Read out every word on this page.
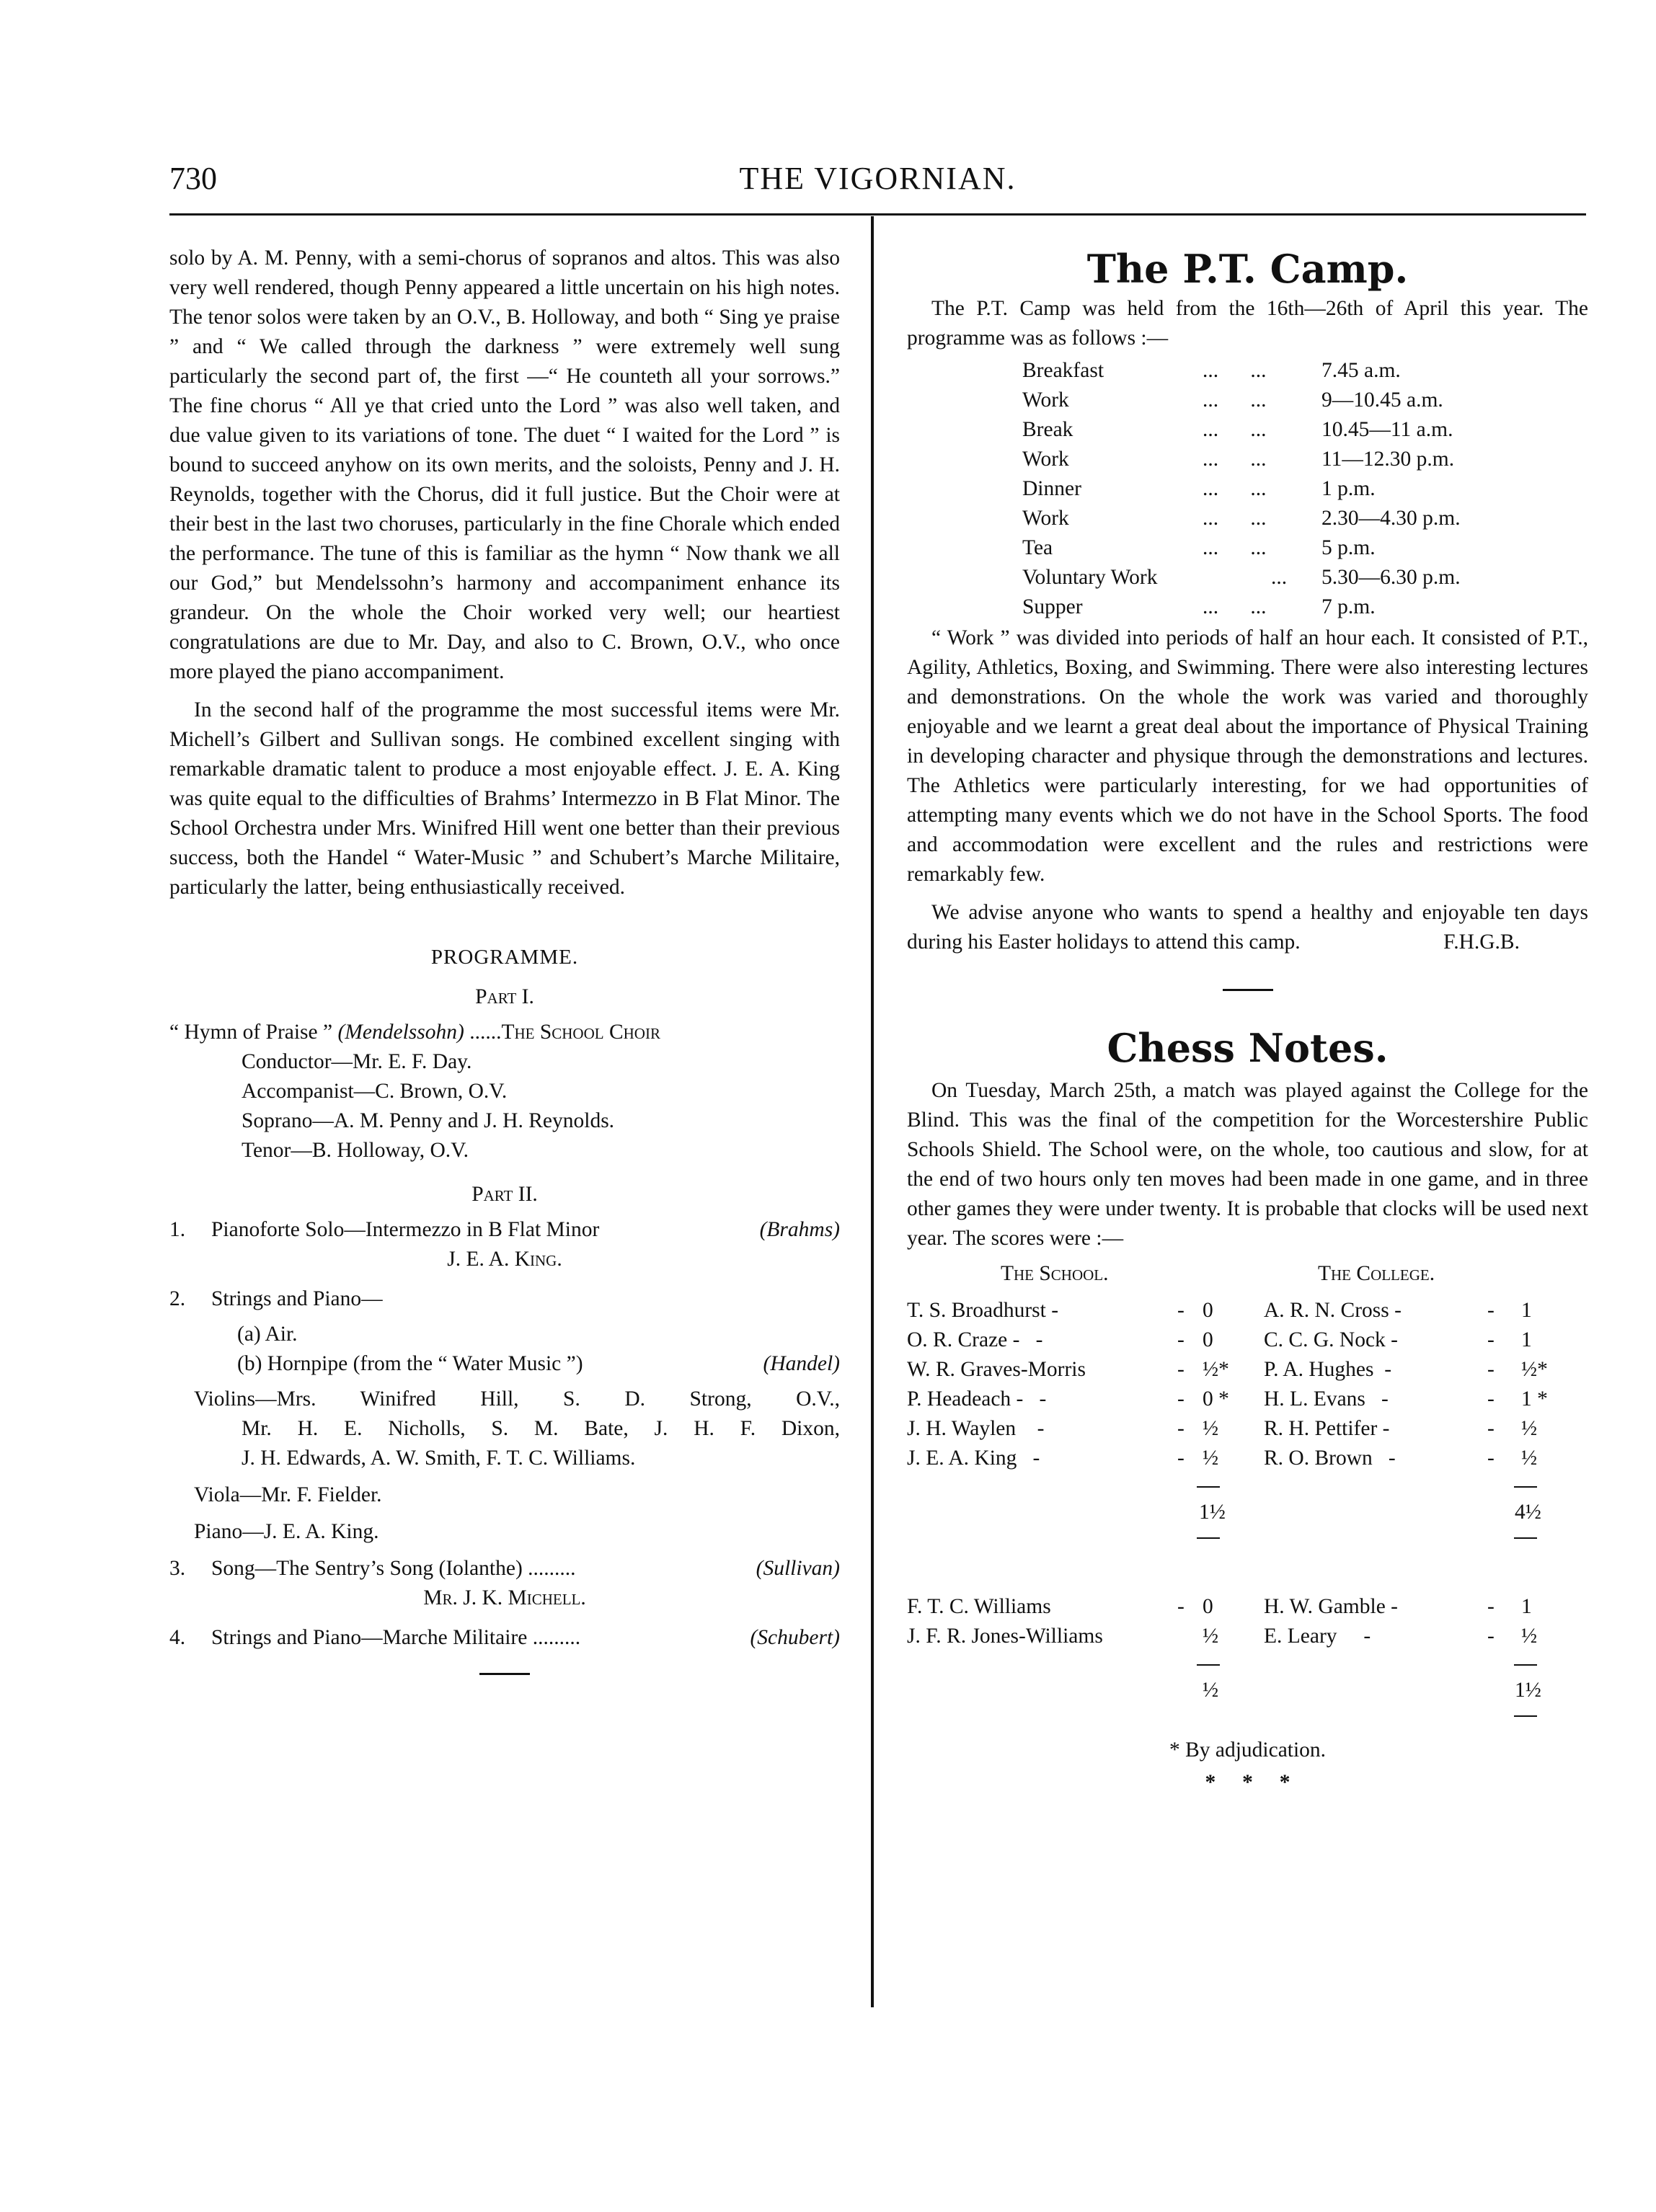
730	THE VIGORNIAN.

solo by A. M. Penny, with a semi-chorus of sopranos and altos. This was also very well rendered, though Penny appeared a little uncertain on his high notes. The tenor solos were taken by an O.V., B. Holloway, and both “ Sing ye praise ” and “ We called through the darkness ” were extremely well sung particularly the second part of, the first —“ He counteth all your sorrows.” The fine chorus “ All ye that cried unto the Lord ” was also well taken, and due value given to its variations of tone. The duet “ I waited for the Lord ” is bound to succeed anyhow on its own merits, and the soloists, Penny and J. H. Reynolds, together with the Chorus, did it full justice. But the Choir were at their best in the last two choruses, particularly in the fine Chorale which ended the performance. The tune of this is familiar as the hymn “ Now thank we all our God,” but Mendelssohn’s harmony and accompaniment enhance its grandeur. On the whole the Choir worked very well; our heartiest congratulations are due to Mr. Day, and also to C. Brown, O.V., who once more played the piano accompaniment.

In the second half of the programme the most successful items were Mr. Michell’s Gilbert and Sullivan songs. He combined excellent singing with remarkable dramatic talent to produce a most enjoyable effect. J. E. A. King was quite equal to the difficulties of Brahms’ Intermezzo in B Flat Minor. The School Orchestra under Mrs. Winifred Hill went one better than their previous success, both the Handel “ Water-Music ” and Schubert’s Marche Militaire, particularly the latter, being enthusiastically received.

PROGRAMME.
Part I.
“ Hymn of Praise ” (Mendelssohn) ......The School Choir
Conductor—Mr. E. F. Day.
Accompanist—C. Brown, O.V.
Soprano—A. M. Penny and J. H. Reynolds.
Tenor—B. Holloway, O.V.
Part II.
1. Pianoforte Solo—Intermezzo in B Flat Minor	(Brahms)
J. E. A. King.
2. Strings and Piano—
(a) Air.
(b) Hornpipe (from the “ Water Music ”)	(Handel)
Violins—Mrs. Winifred Hill, S. D. Strong, O.V.,
Mr. H. E. Nicholls, S. M. Bate, J. H. F. Dixon,
J. H. Edwards, A. W. Smith, F. T. C. Williams.
Viola—Mr. F. Fielder.
Piano—J. E. A. King.
3. Song—The Sentry’s Song (Iolanthe) .........	(Sullivan)
Mr. J. K. Michell.
4. Strings and Piano—Marche Militaire .........	(Schubert)
The P.T. Camp.

The P.T. Camp was held from the 16th—26th of April this year. The programme was as follows :—

Breakfast	...      ...	7.45 a.m.
Work	...      ...	9—10.45 a.m.
Break	...      ...	10.45—11 a.m.
Work	...      ...	11—12.30 p.m.
Dinner	...      ...	1 p.m.
Work	...      ...	2.30—4.30 p.m.
Tea	...      ...	5 p.m.
Voluntary Work	... 5.30—6.30 p.m.
Supper	...      ...	7 p.m.

“ Work ” was divided into periods of half an hour each. It consisted of P.T., Agility, Athletics, Boxing, and Swimming. There were also interesting lectures and demonstrations. On the whole the work was varied and thoroughly enjoyable and we learnt a great deal about the importance of Physical Training in developing character and physique through the demonstrations and lectures. The Athletics were particularly interesting, for we had opportunities of attempting many events which we do not have in the School Sports. The food and accommodation were excellent and the rules and restrictions were remarkably few.

We advise anyone who wants to spend a healthy and enjoyable ten days during his Easter holidays to attend this camp.	F.H.G.B.
Chess Notes.

On Tuesday, March 25th, a match was played against the College for the Blind. This was the final of the competition for the Worcestershire Public Schools Shield. The School were, on the whole, too cautious and slow, for at the end of two hours only ten moves had been made in one game, and in three other games they were under twenty. It is probable that clocks will be used next year. The scores were :—

The School.	The College.
T. S. Broadhurst -	- 0 A. R. N. Cross -	- 1
O. R. Craze -   -	- 0 C. C. G. Nock -	- 1
W. R. Graves-Morris	- ½* P. A. Hughes  -	- ½*
P. Headeach -   -	- 0 * H. L. Evans   -	- 1 *
J. H. Waylen    -	- ½ R. H. Pettifer -	- ½
J. E. A. King   -	- ½ R. O. Brown   -	- ½
1½	4½
F. T. C. Williams	- 0 H. W. Gamble -	- 1
J. F. R. Jones-Williams	½ E. Leary     -	- ½
½	1½
* By adjudication.
*     *     *
